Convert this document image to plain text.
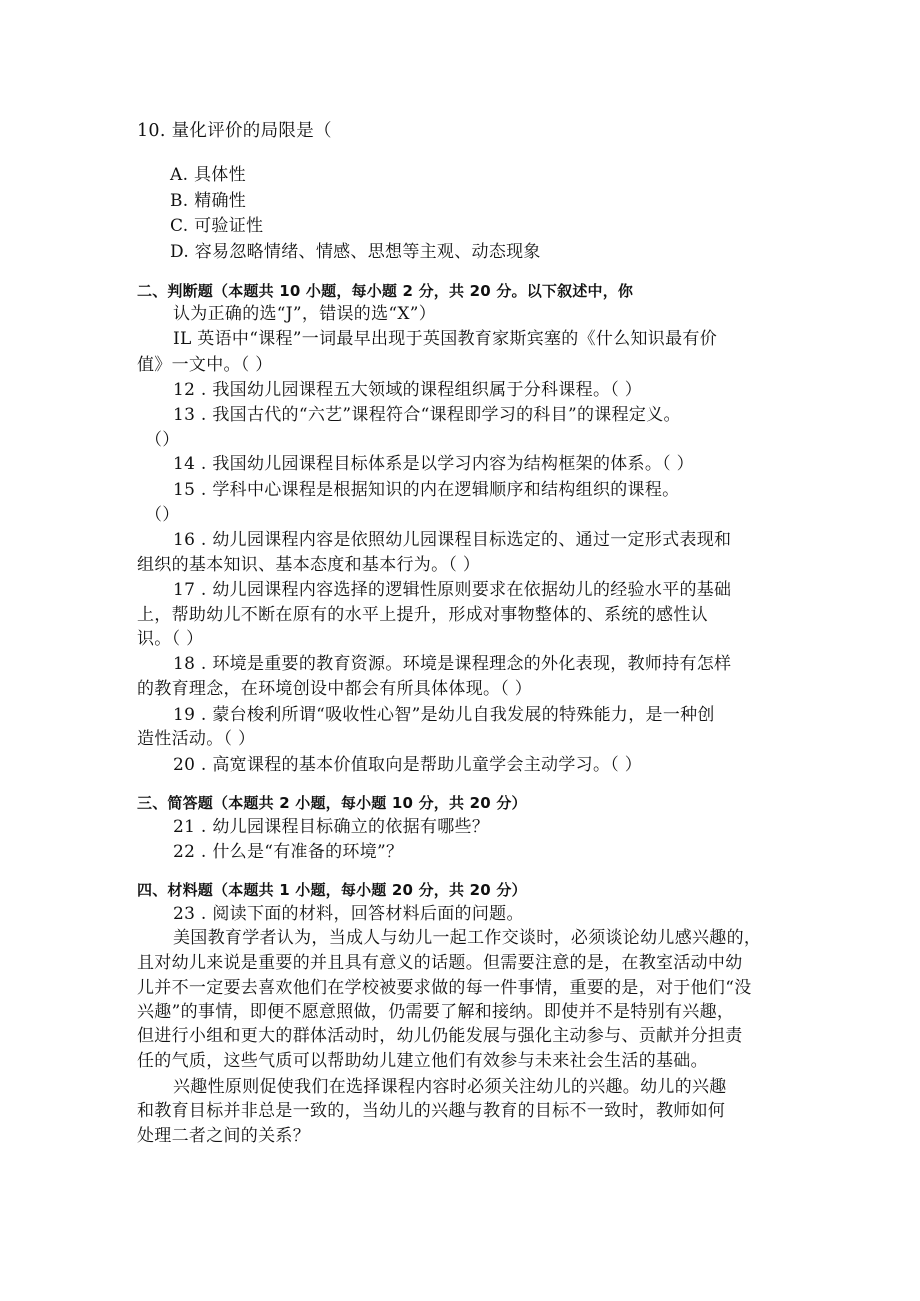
10. 量化评价的局限是（
A. 具体性
B. 精确性
C. 可验证性
D. 容易忽略情绪、情感、思想等主观、动态现象
二、判断题（本题共 10 小题，每小题 2 分，共 20 分。以下叙述中，你
认为正确的选“J”，错误的选“X”）
IL 英语中“课程”一词最早出现于英国教育家斯宾塞的《什么知识最有价
值》一文中。（ ）
12 . 我国幼儿园课程五大领域的课程组织属于分科课程。（ ）
13 . 我国古代的“六艺”课程符合“课程即学习的科目”的课程定义。
（）
14 . 我国幼儿园课程目标体系是以学习内容为结构框架的体系。（ ）
15 . 学科中心课程是根据知识的内在逻辑顺序和结构组织的课程。
（）
16 . 幼儿园课程内容是依照幼儿园课程目标选定的、通过一定形式表现和
组织的基本知识、基本态度和基本行为。（ ）
17 . 幼儿园课程内容选择的逻辑性原则要求在依据幼儿的经验水平的基础
上，帮助幼儿不断在原有的水平上提升，形成对事物整体的、系统的感性认
识。（ ）
18 . 环境是重要的教育资源。环境是课程理念的外化表现，教师持有怎样
的教育理念，在环境创设中都会有所具体体现。（ ）
19 . 蒙台梭利所谓“吸收性心智”是幼儿自我发展的特殊能力，是一种创
造性活动。（ ）
20 . 高宽课程的基本价值取向是帮助儿童学会主动学习。（ ）
三、简答题（本题共 2 小题，每小题 10 分，共 20 分）
21 . 幼儿园课程目标确立的依据有哪些？
22 . 什么是“有准备的环境”？
四、材料题（本题共 1 小题，每小题 20 分，共 20 分）
23 . 阅读下面的材料，回答材料后面的问题。
美国教育学者认为，当成人与幼儿一起工作交谈时，必须谈论幼儿感兴趣的，
且对幼儿来说是重要的并且具有意义的话题。但需要注意的是，在教室活动中幼
儿并不一定要去喜欢他们在学校被要求做的每一件事情，重要的是，对于他们“没
兴趣”的事情，即便不愿意照做，仍需要了解和接纳。即使并不是特别有兴趣，
但进行小组和更大的群体活动时，幼儿仍能发展与强化主动参与、贡献并分担责
任的气质，这些气质可以帮助幼儿建立他们有效参与未来社会生活的基础。
兴趣性原则促使我们在选择课程内容时必须关注幼儿的兴趣。幼儿的兴趣
和教育目标并非总是一致的，当幼儿的兴趣与教育的目标不一致时，教师如何
处理二者之间的关系？
